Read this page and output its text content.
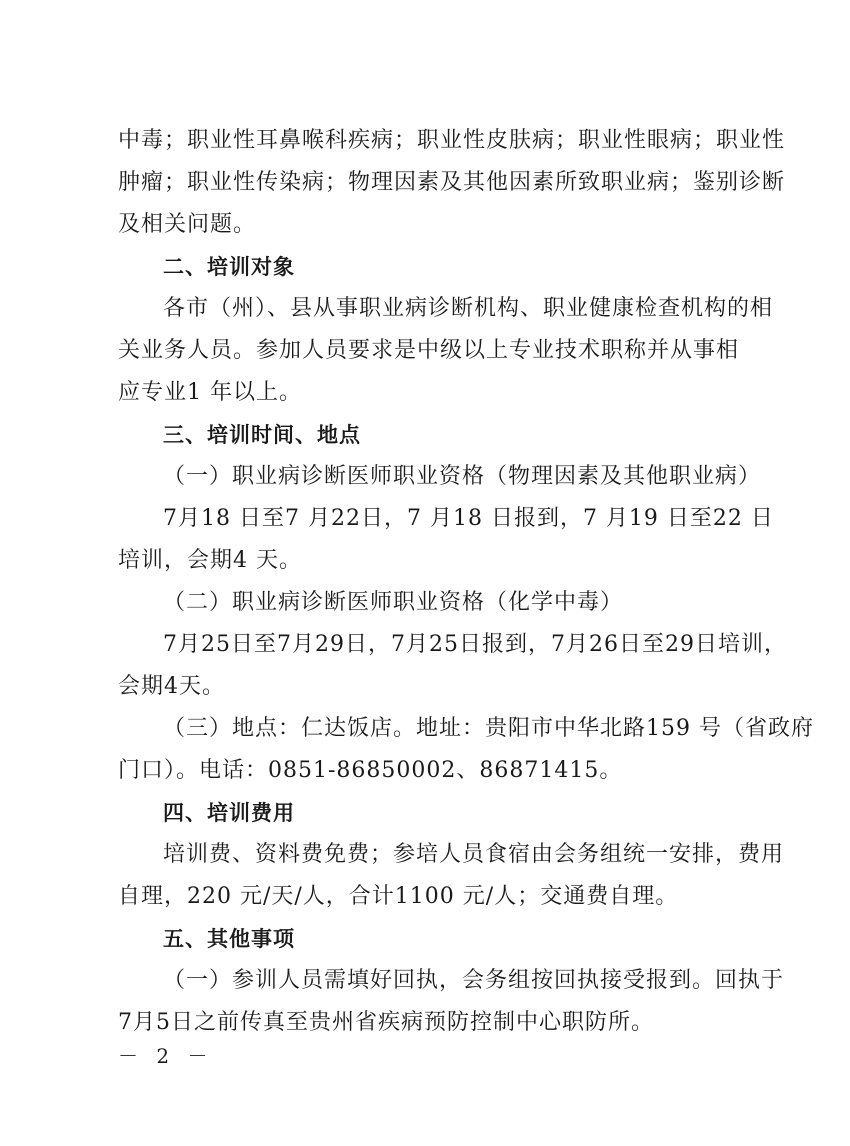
中毒；职业性耳鼻喉科疾病；职业性皮肤病；职业性眼病；职业性
肿瘤；职业性传染病；物理因素及其他因素所致职业病；鉴别诊断
及相关问题。
二、培训对象
各市（州）、县从事职业病诊断机构、职业健康检查机构的相
关业务人员。参加人员要求是中级以上专业技术职称并从事相
应专业1 年以上。
三、培训时间、地点
（一）职业病诊断医师职业资格（物理因素及其他职业病）
7月18 日至7 月22日，7 月18 日报到，7 月19 日至22 日
培训，会期4 天。
（二）职业病诊断医师职业资格（化学中毒）
7月25日至7月29日，7月25日报到，7月26日至29日培训，
会期4天。
（三）地点：仁达饭店。地址：贵阳市中华北路159 号（省政府
门口）。电话：0851-86850002、86871415。
四、培训费用
培训费、资料费免费；参培人员食宿由会务组统一安排，费用
自理，220 元/天/人，合计1100 元/人；交通费自理。
五、其他事项
（一）参训人员需填好回执，会务组按回执接受报到。回执于
7月5日之前传真至贵州省疾病预防控制中心职防所。
－ 2 －
